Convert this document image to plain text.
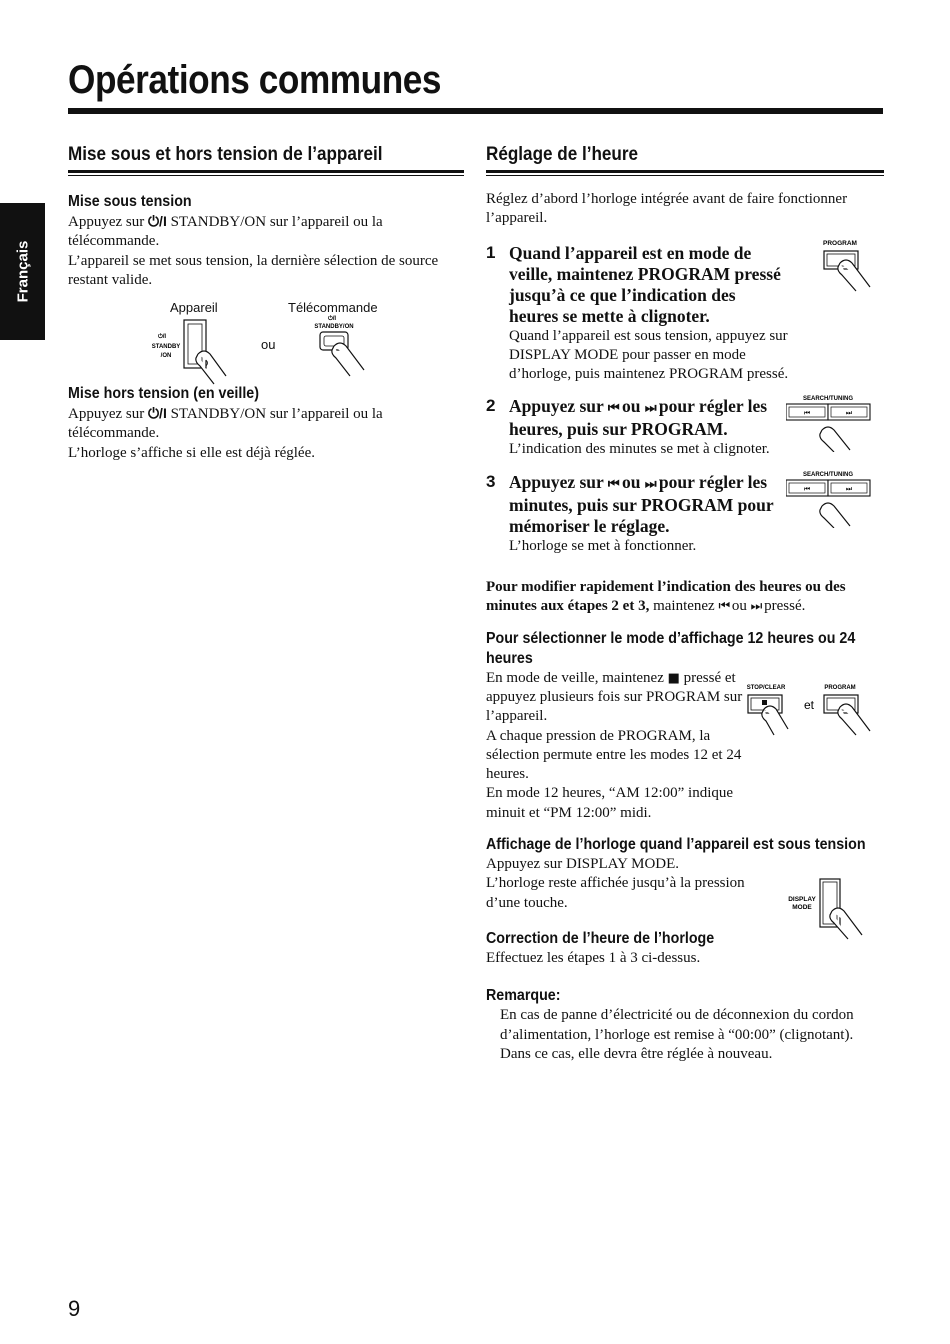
Opérations communes
Français
Mise sous et hors tension de l’appareil
Mise sous tension

Appuyez sur ⏻/I STANDBY/ON sur l’appareil ou la télécommande.

L’appareil se met sous tension, la dernière sélection de source restant valide.

Appareil	Télécommande
ou
⏻/I
STANDBY
/ON
⏻/I
STANDBY/ON
Mise hors tension (en veille)

Appuyez sur ⏻/I STANDBY/ON sur l’appareil ou la télécommande.

L’horloge s’affiche si elle est déjà réglée.

Réglage de l’heure

Réglez d’abord l’horloge intégrée avant de faire fonctionner l’appareil.

1 Quand l’appareil est en mode de veille, maintenez PROGRAM pressé jusqu’à ce que l’indication des heures se mette à clignoter.

Quand l’appareil est sous tension, appuyez sur DISPLAY MODE pour passer en mode d’horloge, puis maintenez PROGRAM pressé.

PROGRAM
2 Appuyez sur ⏮ ou ⏭ pour régler les heures, puis sur PROGRAM.

L’indication des minutes se met à clignoter.

SEARCH/TUNING
⏮	⏭
3 Appuyez sur ⏮ ou ⏭ pour régler les minutes, puis sur PROGRAM pour mémoriser le réglage.

L’horloge se met à fonctionner.

SEARCH/TUNING
⏮	⏭

Pour modifier rapidement l’indication des heures ou des minutes aux étapes 2 et 3, maintenez ⏮ ou ⏭ pressé.

Pour sélectionner le mode d’affichage 12 heures ou 24 heures

En mode de veille, maintenez ■ pressé et appuyez plusieurs fois sur PROGRAM sur l’appareil.

A chaque pression de PROGRAM, la sélection permute entre les modes 12 et 24 heures.

En mode 12 heures, “AM 12:00” indique minuit et “PM 12:00” midi.

STOP/CLEAR
et
PROGRAM
Affichage de l’horloge quand l’appareil est sous tension

Appuyez sur DISPLAY MODE.

L’horloge reste affichée jusqu’à la pression d’une touche.	DISPLAY
MODE
Correction de l’heure de l’horloge

Effectuez les étapes 1 à 3 ci-dessus.

Remarque:

En cas de panne d’électricité ou de déconnexion du cordon d’alimentation, l’horloge est remise à “00:00” (clignotant). Dans ce cas, elle devra être réglée à nouveau.

9
